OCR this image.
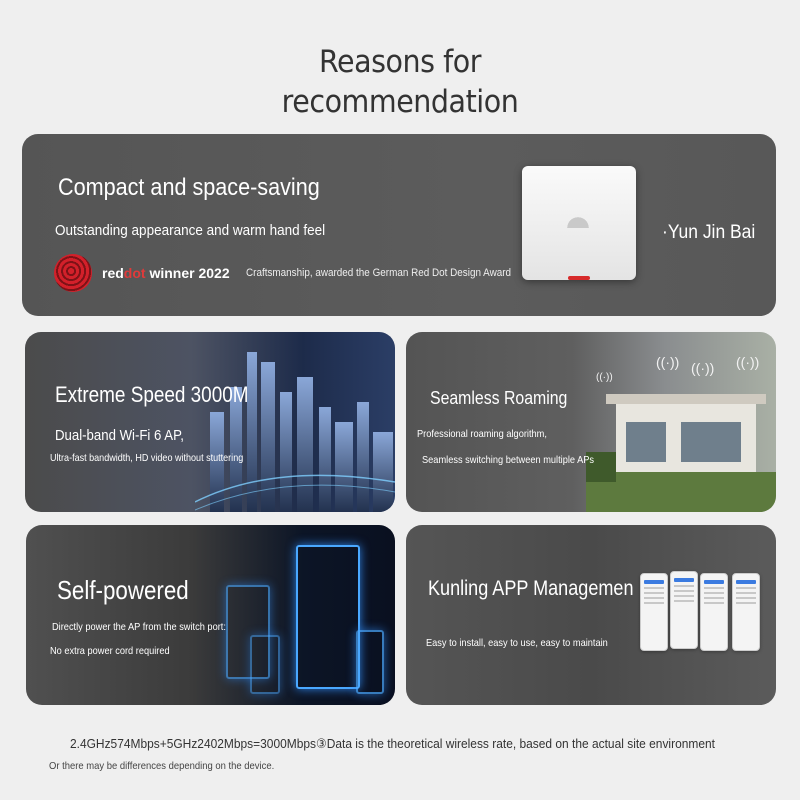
Reasons for
recommendation
Compact and space-saving
Outstanding appearance and warm hand feel
reddot winner 2022 Craftsmanship, awarded the German Red Dot Design Award
·Yun Jin Bai
Extreme Speed 3000M
Dual-band Wi-Fi 6 AP,
Ultra-fast bandwidth, HD video without stuttering
((·))
((·)) ((·)) ((·))
Seamless Roaming
Professional roaming algorithm,
Seamless switching between multiple APs
Self-powered
Directly power the AP from the switch port:
No extra power cord required
Kunling APP Managemen
Easy to install, easy to use, easy to maintain
2.4GHz574Mbps+5GHz2402Mbps=3000Mbps③Data is the theoretical wireless rate, based on the actual site environment
Or there may be differences depending on the device.
